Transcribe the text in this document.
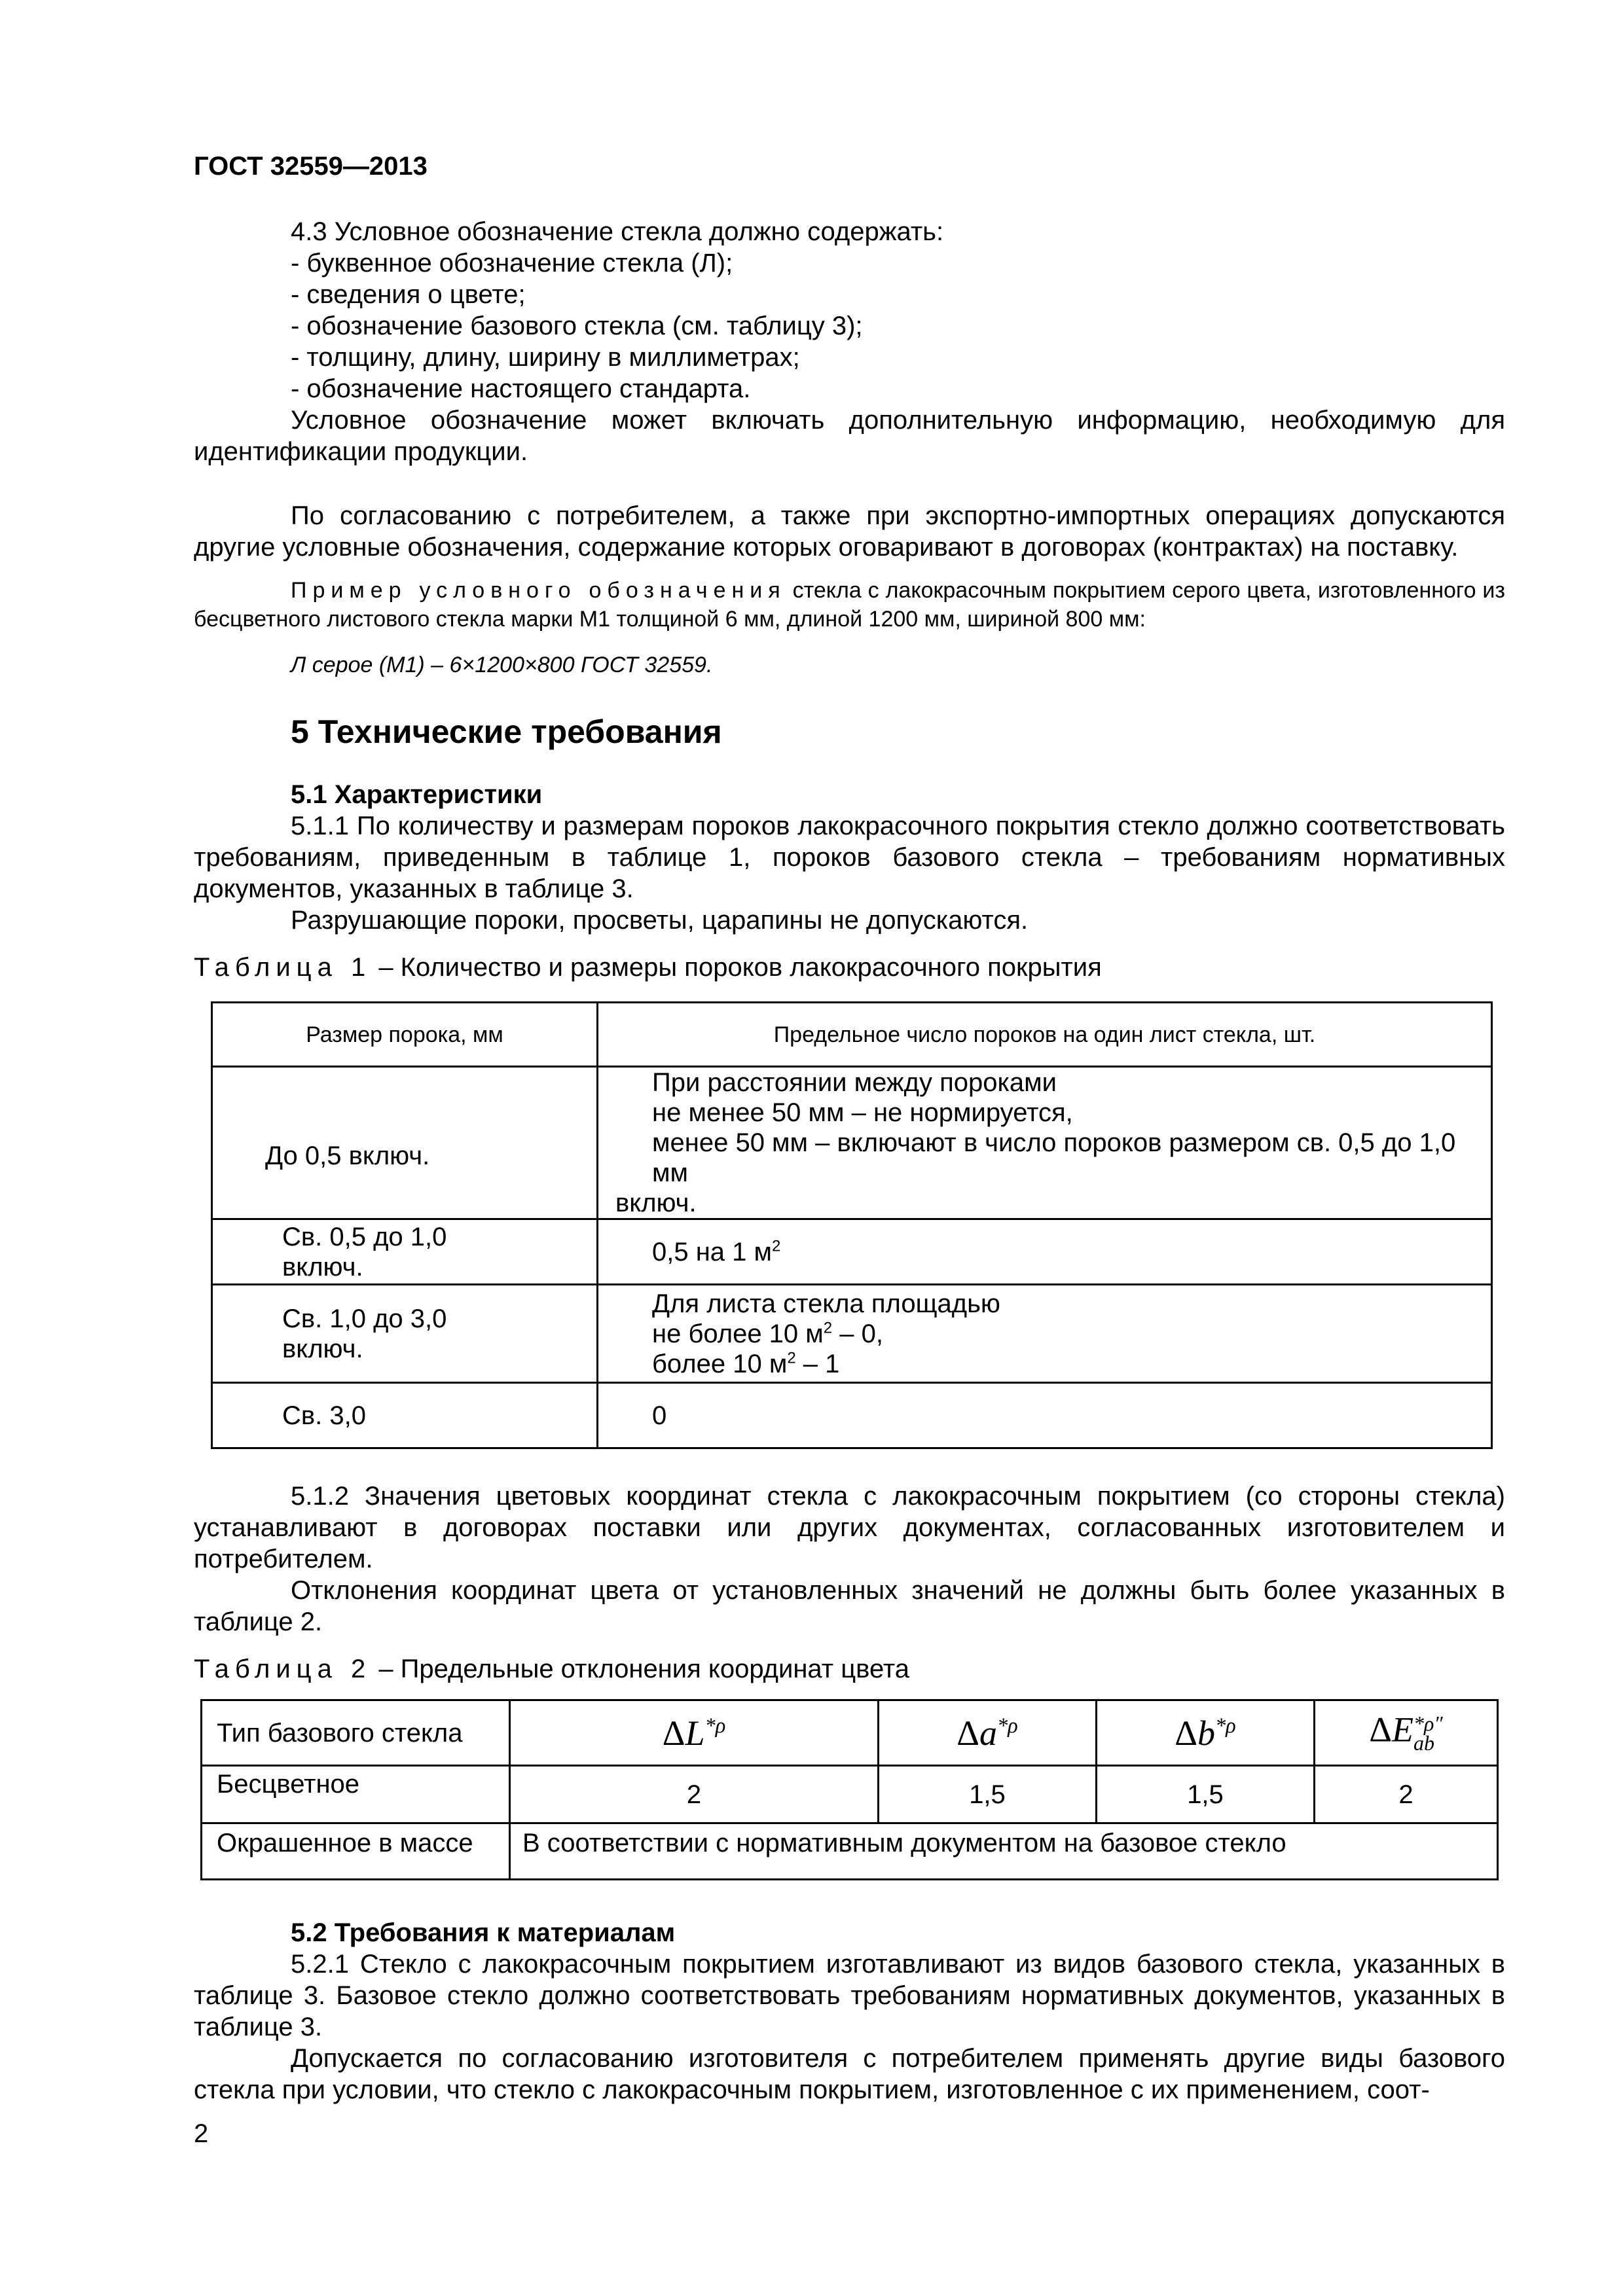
ГОСТ 32559—2013

4.3 Условное обозначение стекла должно содержать:

- буквенное обозначение стекла (Л);

- сведения о цвете;

- обозначение базового стекла (см. таблицу 3);

- толщину, длину, ширину в миллиметрах;

- обозначение настоящего стандарта.

Условное обозначение может включать дополнительную информацию, необходимую для идентификации продукции.

По согласованию с потребителем, а также при экспортно-импортных операциях допускаются другие условные обозначения, содержание которых оговаривают в договорах (контрактах) на поставку.

Пример условного обозначения стекла с лакокрасочным покрытием серого цвета, изготовленного из бесцветного листового стекла марки М1 толщиной 6 мм, длиной 1200 мм, шириной 800 мм:

Л серое (М1) – 6×1200×800 ГОСТ 32559.

5 Технические требования
5.1 Характеристики

5.1.1 По количеству и размерам пороков лакокрасочного покрытия стекло должно соответствовать требованиям, приведенным в таблице 1, пороков базового стекла – требованиям нормативных документов, указанных в таблице 3.

Разрушающие пороки, просветы, царапины не допускаются.

Таблица 1 – Количество и размеры пороков лакокрасочного покрытия

Размер порока, мм	Предельное число пороков на один лист стекла, шт.
До 0,5 включ.	При расстоянии между пороками
не менее 50 мм – не нормируется,
менее 50 мм – включают в число пороков размером св. 0,5 до 1,0 мм
включ.

Св. 0,5 до 1,0 включ.	0,5 на 1 $м^2$
Св. 1,0 до 3,0 включ.	Для листа стекла площадью
не более 10 $м^2 - 0$,
более 10 $м^2 - 1$

Св. 3,0	0

5.1.2 Значения цветовых координат стекла с лакокрасочным покрытием (со стороны стекла) устанавливают в договорах поставки или других документах, согласованных изготовителем и потребителем.

Отклонения координат цвета от установленных значений не должны быть более указанных в таблице 2.

Таблица 2 – Предельные отклонения координат цвета

Тип базового стекла	$\Delta L^{*\rho}$	$\Delta a^{*\rho}$	$\Delta b^{*\rho}$	ΔE *ρ″
ab

Бесцветное	2	1,5	1,5	2
Окрашенное в массе	В соответствии с нормативным документом на базовое стекло			
5.2 Требования к материалам

5.2.1 Стекло с лакокрасочным покрытием изготавливают из видов базового стекла, указанных в таблице 3. Базовое стекло должно соответствовать требованиям нормативных документов, указанных в таблице 3.

Допускается по согласованию изготовителя с потребителем применять другие виды базового стекла при условии, что стекло с лакокрасочным покрытием, изготовленное с их применением, соот-

2
